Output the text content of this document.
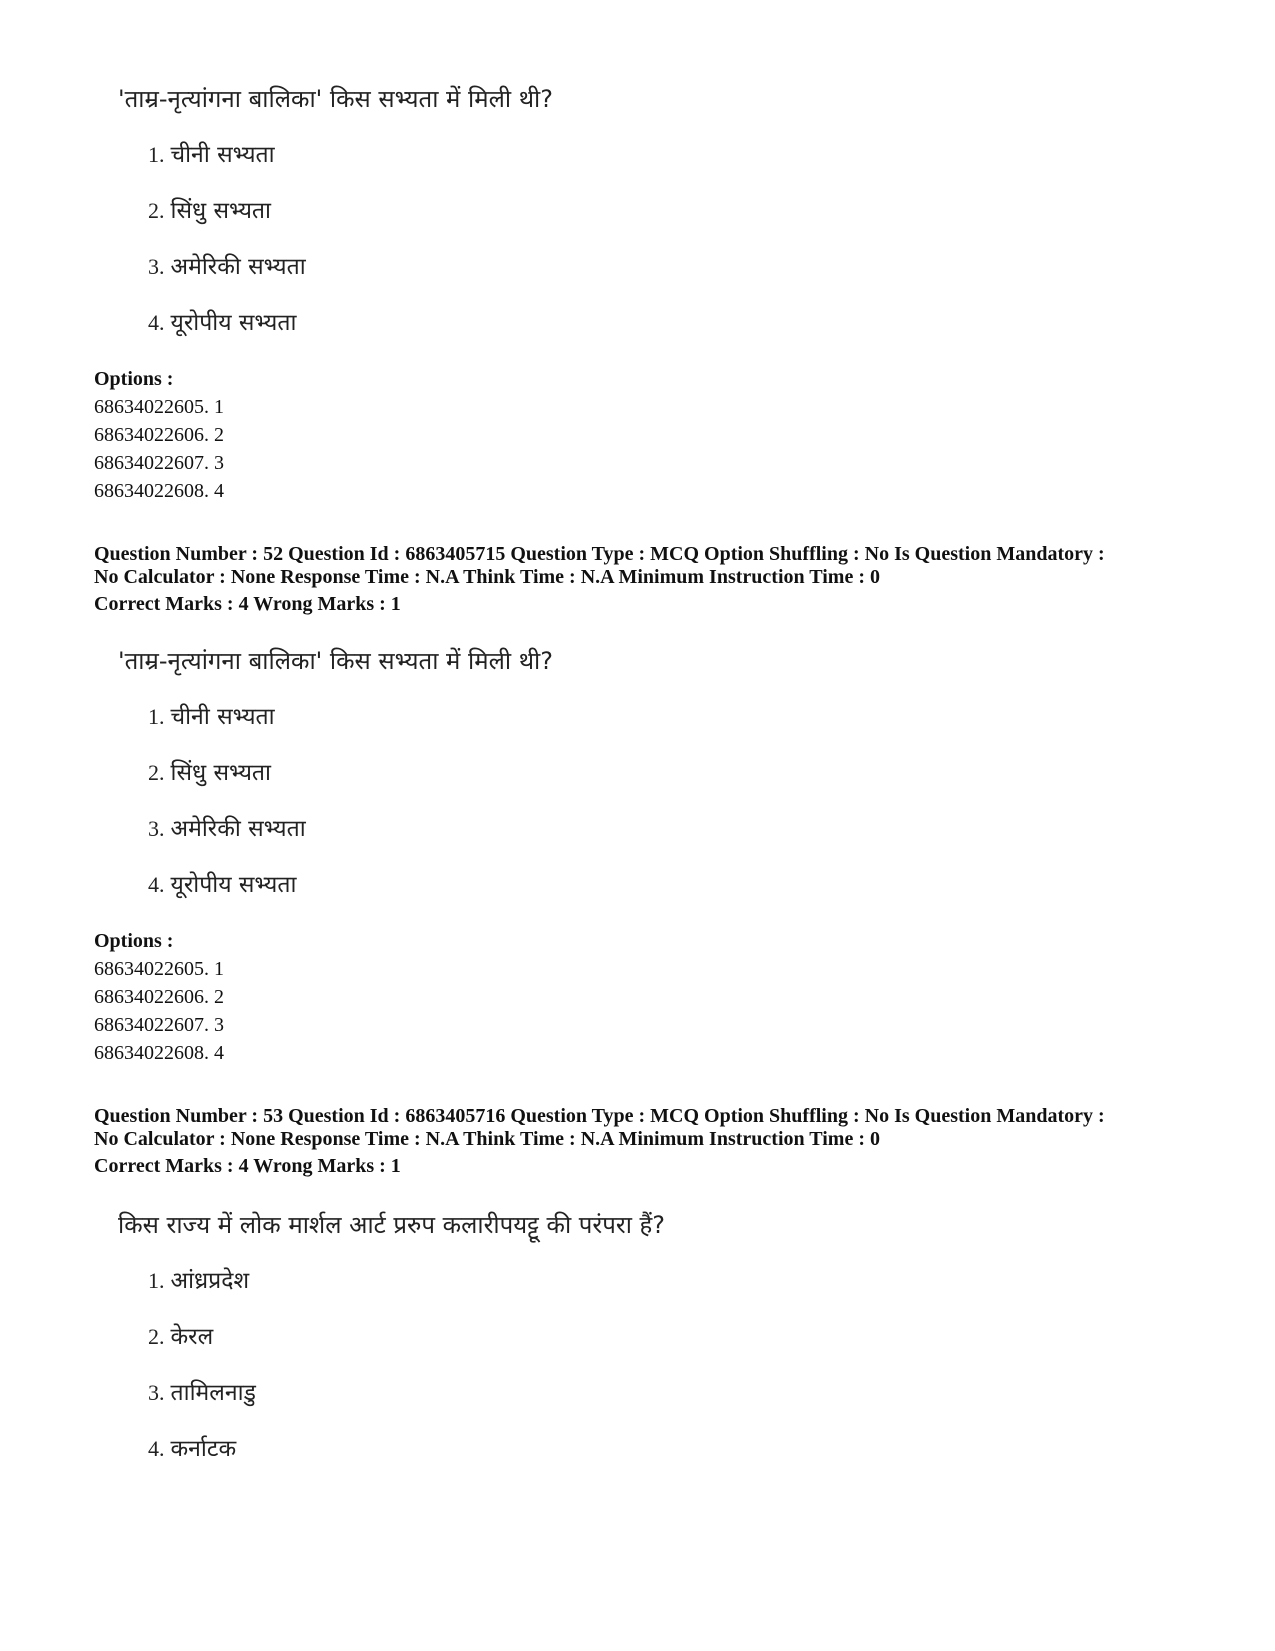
'ताम्र-नृत्यांगना बालिका' किस सभ्यता में मिली थी?
1. चीनी सभ्यता
2. सिंधु सभ्यता
3. अमेरिकी सभ्यता
4. यूरोपीय सभ्यता
Options :
68634022605. 1
68634022606. 2
68634022607. 3
68634022608. 4
Question Number : 52 Question Id : 6863405715 Question Type : MCQ Option Shuffling : No Is Question Mandatory :
No Calculator : None Response Time : N.A Think Time : N.A Minimum Instruction Time : 0
Correct Marks : 4 Wrong Marks : 1
'ताम्र-नृत्यांगना बालिका' किस सभ्यता में मिली थी?
1. चीनी सभ्यता
2. सिंधु सभ्यता
3. अमेरिकी सभ्यता
4. यूरोपीय सभ्यता
Options :
68634022605. 1
68634022606. 2
68634022607. 3
68634022608. 4
Question Number : 53 Question Id : 6863405716 Question Type : MCQ Option Shuffling : No Is Question Mandatory :
No Calculator : None Response Time : N.A Think Time : N.A Minimum Instruction Time : 0
Correct Marks : 4 Wrong Marks : 1
किस राज्य में लोक मार्शल आर्ट प्ररुप कलारीपयट्टू की परंपरा हैं?
1. आंध्रप्रदेश
2. केरल
3. तामिलनाडु
4. कर्नाटक
